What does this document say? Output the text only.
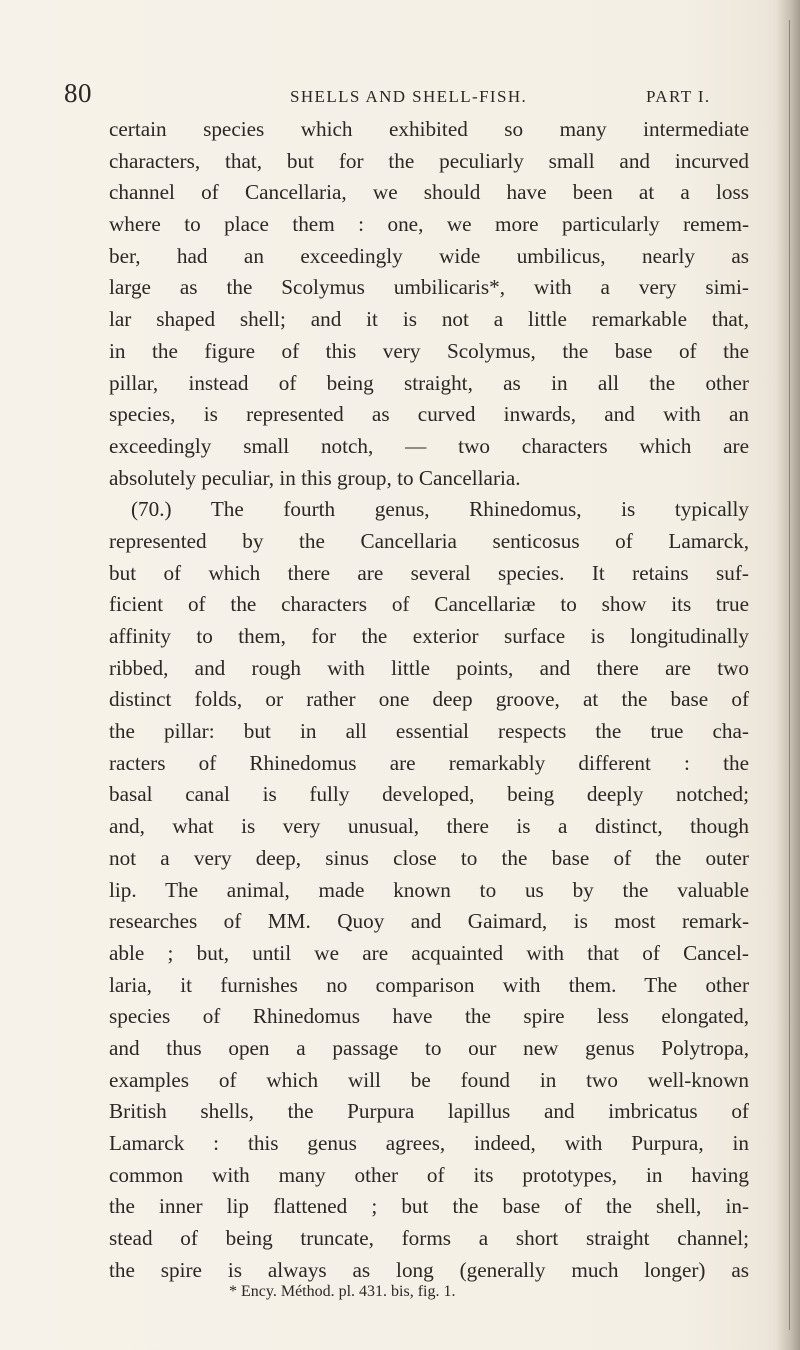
80	SHELLS AND SHELL-FISH.	PART I.
certain species which exhibited so many intermediate
characters, that, but for the peculiarly small and incurved
channel of Cancellaria, we should have been at a loss
where to place them : one, we more particularly remem-
ber, had an exceedingly wide umbilicus, nearly as
large as the Scolymus umbilicaris*, with a very simi-
lar shaped shell; and it is not a little remarkable that,
in the figure of this very Scolymus, the base of the
pillar, instead of being straight, as in all the other
species, is represented as curved inwards, and with an
exceedingly small notch, — two characters which are
absolutely peculiar, in this group, to Cancellaria.
(70.) The fourth genus, Rhinedomus, is typically
represented by the Cancellaria senticosus of Lamarck,
but of which there are several species. It retains suf-
ficient of the characters of Cancellariæ to show its true
affinity to them, for the exterior surface is longitudinally
ribbed, and rough with little points, and there are two
distinct folds, or rather one deep groove, at the base of
the pillar: but in all essential respects the true cha-
racters of Rhinedomus are remarkably different : the
basal canal is fully developed, being deeply notched;
and, what is very unusual, there is a distinct, though
not a very deep, sinus close to the base of the outer
lip. The animal, made known to us by the valuable
researches of MM. Quoy and Gaimard, is most remark-
able ; but, until we are acquainted with that of Cancel-
laria, it furnishes no comparison with them. The other
species of Rhinedomus have the spire less elongated,
and thus open a passage to our new genus Polytropa,
examples of which will be found in two well-known
British shells, the Purpura lapillus and imbricatus of
Lamarck : this genus agrees, indeed, with Purpura, in
common with many other of its prototypes, in having
the inner lip flattened ; but the base of the shell, in-
stead of being truncate, forms a short straight channel;
the spire is always as long (generally much longer) as
* Ency. Méthod. pl. 431. bis, fig. 1.
